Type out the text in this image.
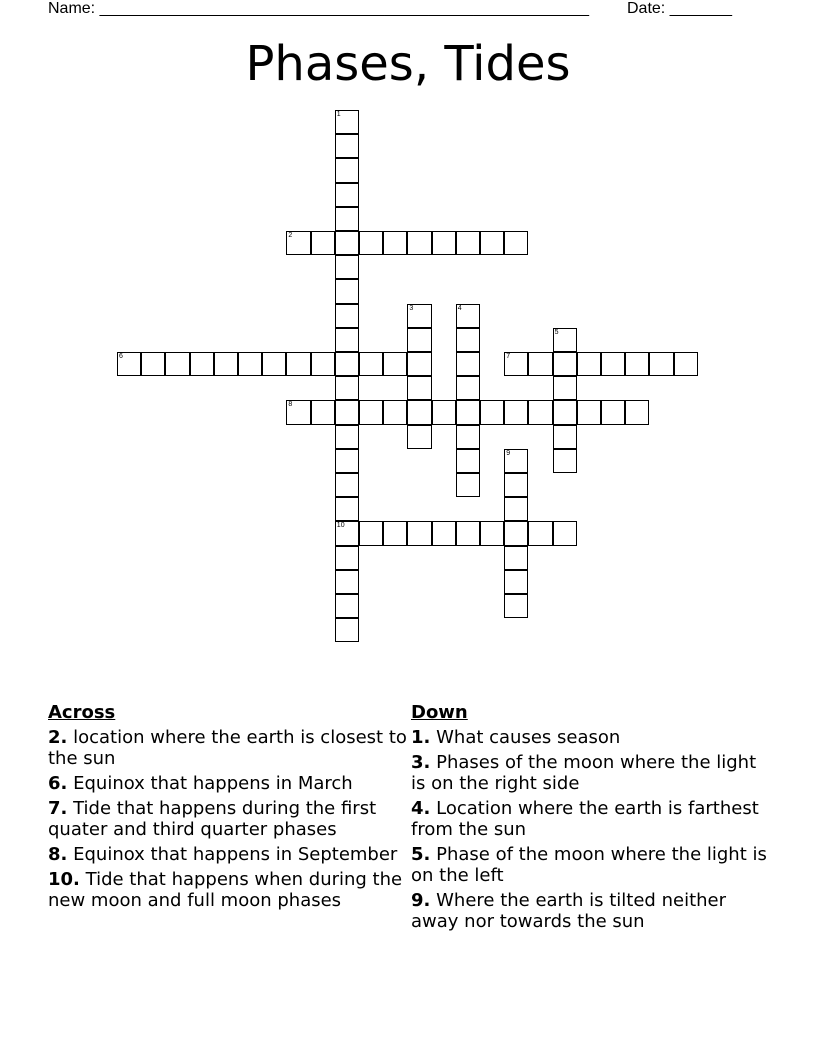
Name: _______________________________________________________ Date: _______
Phases, Tides
1
10
2
3	4
5
6	7
8
9
Across
2. location where the earth is closest to the sun
6. Equinox that happens in March
7. Tide that happens during the first quater and third quarter phases
8. Equinox that happens in September
10. Tide that happens when during the new moon and full moon phases
Down
1. What causes season
3. Phases of the moon where the light is on the right side
4. Location where the earth is farthest from the sun
5. Phase of the moon where the light is on the left
9. Where the earth is tilted neither away nor towards the sun
